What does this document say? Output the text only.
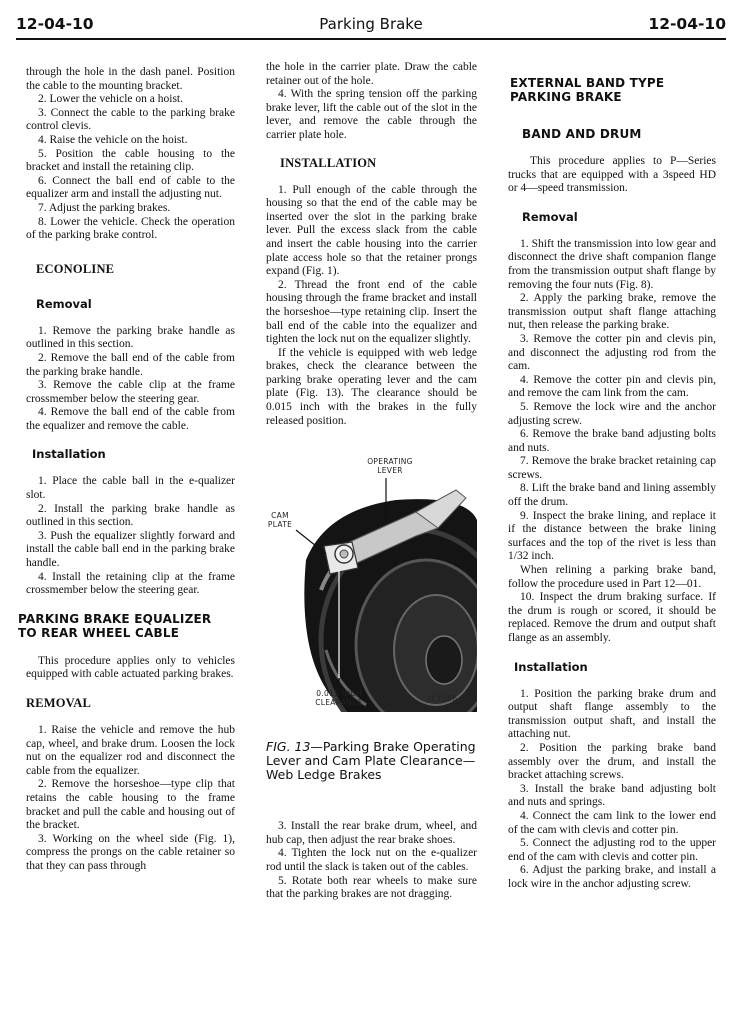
12-04-10	Parking Brake	12-04-10

through the hole in the dash panel. Position the cable to the mounting bracket.

2. Lower the vehicle on a hoist.

3. Connect the cable to the parking brake control clevis.

4. Raise the vehicle on the hoist.

5. Position the cable housing to the bracket and install the retaining clip.

6. Connect the ball end of cable to the equalizer arm and install the adjusting nut.

7. Adjust the parking brakes.

8. Lower the vehicle. Check the operation of the parking brake control.

ECONOLINE
Removal

1. Remove the parking brake handle as outlined in this section.

2. Remove the ball end of the cable from the parking brake handle.

3. Remove the cable clip at the frame crossmember below the steering gear.

4. Remove the ball end of the cable from the equalizer and remove the cable.

Installation

1. Place the cable ball in the e-qualizer slot.

2. Install the parking brake handle as outlined in this section.

3. Push the equalizer slightly forward and install the cable ball end in the parking brake handle.

4. Install the retaining clip at the frame crossmember below the steering gear.

PARKING BRAKE EQUALIZER TO REAR WHEEL CABLE

This procedure applies only to vehicles equipped with cable actuated parking brakes.

REMOVAL

1. Raise the vehicle and remove the hub cap, wheel, and brake drum. Loosen the lock nut on the equalizer rod and disconnect the cable from the equalizer.

2. Remove the horseshoe—type clip that retains the cable housing to the frame bracket and pull the cable and housing out of the bracket.

3. Working on the wheel side (Fig. 1), compress the prongs on the cable retainer so that they can pass through

the hole in the carrier plate. Draw the cable retainer out of the hole.

4. With the spring tension off the parking brake lever, lift the cable out of the slot in the lever, and remove the cable through the carrier plate hole.

INSTALLATION

1. Pull enough of the cable through the housing so that the end of the cable may be inserted over the slot in the parking brake lever. Pull the excess slack from the cable and insert the cable housing into the carrier plate access hole so that the retainer prongs expand (Fig. 1).

2. Thread the front end of the cable housing through the frame bracket and install the horseshoe—type retaining clip. Insert the ball end of the cable into the equalizer and tighten the lock nut on the equalizer slightly.

If the vehicle is equipped with web ledge brakes, check the clearance between the parking brake operating lever and the cam plate (Fig. 13). The clearance should be 0.015 inch with the brakes in the fully released position.

OPERATING
LEVER
CAM
PLATE
0.015 INCH
CLEARANCE	H 1566-A
FIG. 13—Parking Brake Operating Lever and Cam Plate Clearance—Web Ledge Brakes

3. Install the rear brake drum, wheel, and hub cap, then adjust the rear brake shoes.

4. Tighten the lock nut on the e-qualizer rod until the slack is taken out of the cables.

5. Rotate both rear wheels to make sure that the parking brakes are not dragging.

EXTERNAL BAND TYPE PARKING BRAKE
BAND AND DRUM

This procedure applies to P—Series trucks that are equipped with a 3speed HD or 4—speed transmission.

Removal

1. Shift the transmission into low gear and disconnect the drive shaft companion flange from the transmission output shaft flange by removing the four nuts (Fig. 8).

2. Apply the parking brake, remove the transmission output shaft flange attaching nut, then release the parking brake.

3. Remove the cotter pin and clevis pin, and disconnect the adjusting rod from the cam.

4. Remove the cotter pin and clevis pin, and remove the cam link from the cam.

5. Remove the lock wire and the anchor adjusting screw.

6. Remove the brake band adjusting bolts and nuts.

7. Remove the brake bracket retaining cap screws.

8. Lift the brake band and lining assembly off the drum.

9. Inspect the brake lining, and replace it if the distance between the brake lining surfaces and the top of the rivet is less than 1/32 inch.

When relining a parking brake band, follow the procedure used in Part 12—01.

10. Inspect the drum braking surface. If the drum is rough or scored, it should be replaced. Remove the drum and output shaft flange as an assembly.

Installation

1. Position the parking brake drum and output shaft flange assembly to the transmission output shaft, and install the attaching nut.

2. Position the parking brake band assembly over the drum, and install the bracket attaching screws.

3. Install the brake band adjusting bolt and nuts and springs.

4. Connect the cam link to the lower end of the cam with clevis and cotter pin.

5. Connect the adjusting rod to the upper end of the cam with clevis and cotter pin.

6. Adjust the parking brake, and install a lock wire in the anchor adjusting screw.
